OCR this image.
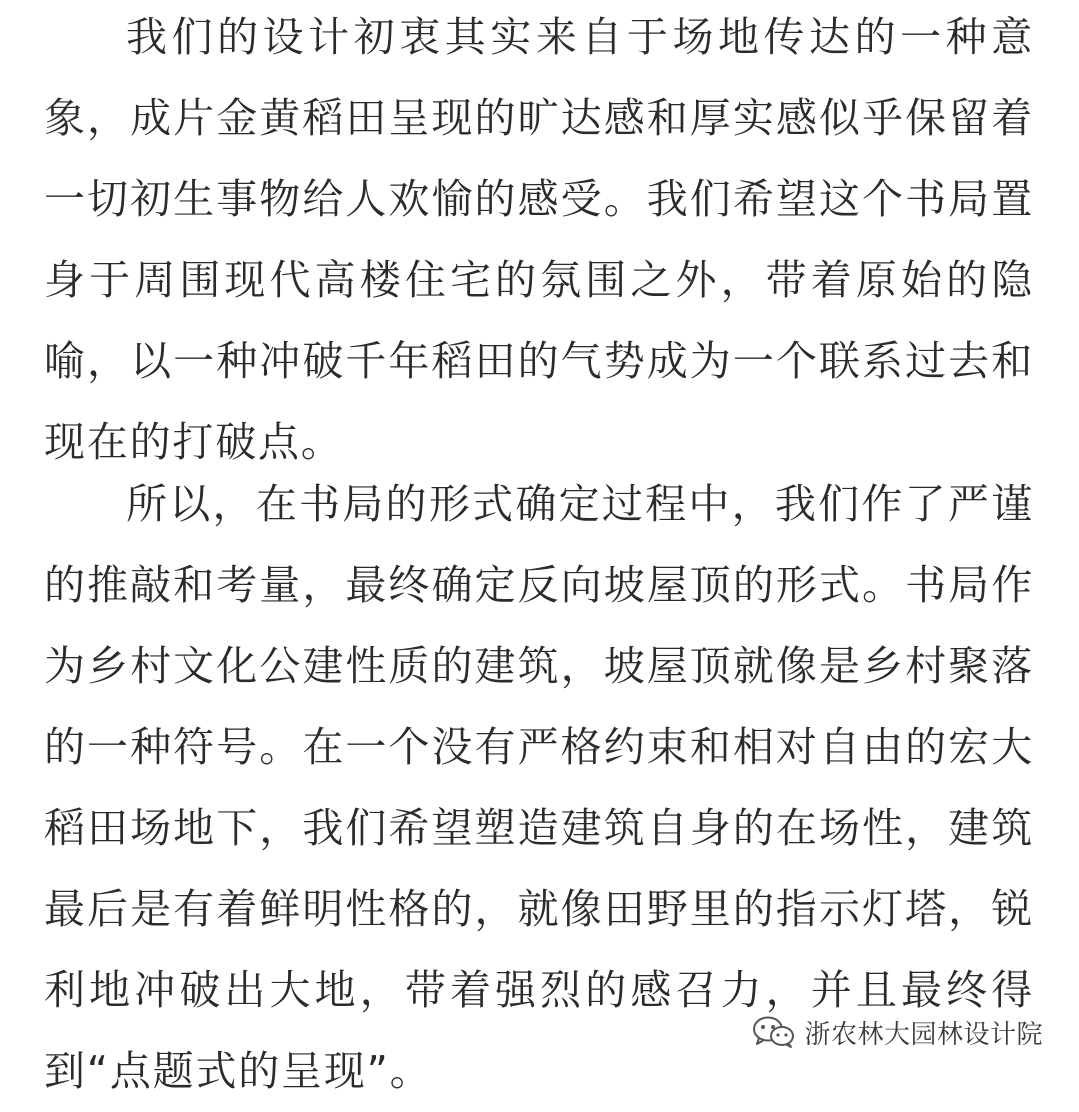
我们的设计初衷其实来自于场地传达的一种意象，成片金黄稻田呈现的旷达感和厚实感似乎保留着一切初生事物给人欢愉的感受。我们希望这个书局置身于周围现代高楼住宅的氛围之外，带着原始的隐喻，以一种冲破千年稻田的气势成为一个联系过去和现在的打破点。

所以，在书局的形式确定过程中，我们作了严谨的推敲和考量，最终确定反向坡屋顶的形式。书局作为乡村文化公建性质的建筑，坡屋顶就像是乡村聚落的一种符号。在一个没有严格约束和相对自由的宏大稻田场地下，我们希望塑造建筑自身的在场性，建筑最后是有着鲜明性格的，就像田野里的指示灯塔，锐利地冲破出大地，带着强烈的感召力，并且最终得到“点题式的呈现”。

浙农林大园林设计院
